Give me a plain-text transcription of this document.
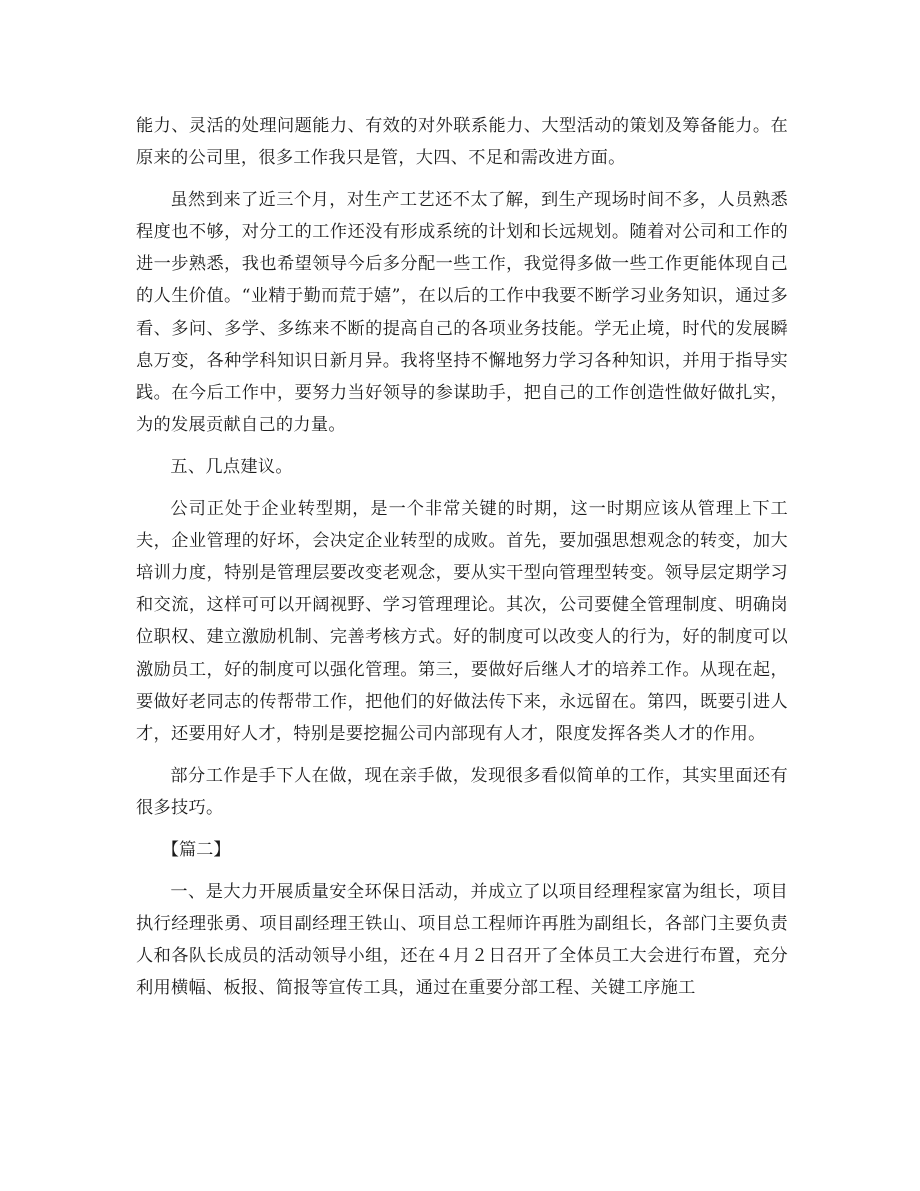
能力、灵活的处理问题能力、有效的对外联系能力、大型活动的策划及筹备能力。在原来的公司里，很多工作我只是管，大四、不足和需改进方面。

虽然到来了近三个月，对生产工艺还不太了解，到生产现场时间不多，人员熟悉程度也不够，对分工的工作还没有形成系统的计划和长远规划。随着对公司和工作的进一步熟悉，我也希望领导今后多分配一些工作，我觉得多做一些工作更能体现自己的人生价值。“业精于勤而荒于嬉”，在以后的工作中我要不断学习业务知识，通过多看、多问、多学、多练来不断的提高自己的各项业务技能。学无止境，时代的发展瞬息万变，各种学科知识日新月异。我将坚持不懈地努力学习各种知识，并用于指导实践。在今后工作中，要努力当好领导的参谋助手，把自己的工作创造性做好做扎实，为的发展贡献自己的力量。

五、几点建议。

公司正处于企业转型期，是一个非常关键的时期，这一时期应该从管理上下工夫，企业管理的好坏，会决定企业转型的成败。首先，要加强思想观念的转变，加大培训力度，特别是管理层要改变老观念，要从实干型向管理型转变。领导层定期学习和交流，这样可可以开阔视野、学习管理理论。其次，公司要健全管理制度、明确岗位职权、建立激励机制、完善考核方式。好的制度可以改变人的行为，好的制度可以激励员工，好的制度可以强化管理。第三，要做好后继人才的培养工作。从现在起，要做好老同志的传帮带工作，把他们的好做法传下来，永远留在。第四，既要引进人才，还要用好人才，特别是要挖掘公司内部现有人才，限度发挥各类人才的作用。

部分工作是手下人在做，现在亲手做，发现很多看似简单的工作，其实里面还有很多技巧。

【篇二】

一、是大力开展质量安全环保日活动，并成立了以项目经理程家富为组长，项目执行经理张勇、项目副经理王铁山、项目总工程师许再胜为副组长，各部门主要负责人和各队长成员的活动领导小组，还在４月２日召开了全体员工大会进行布置，充分利用横幅、板报、简报等宣传工具，通过在重要分部工程、关键工序施工
